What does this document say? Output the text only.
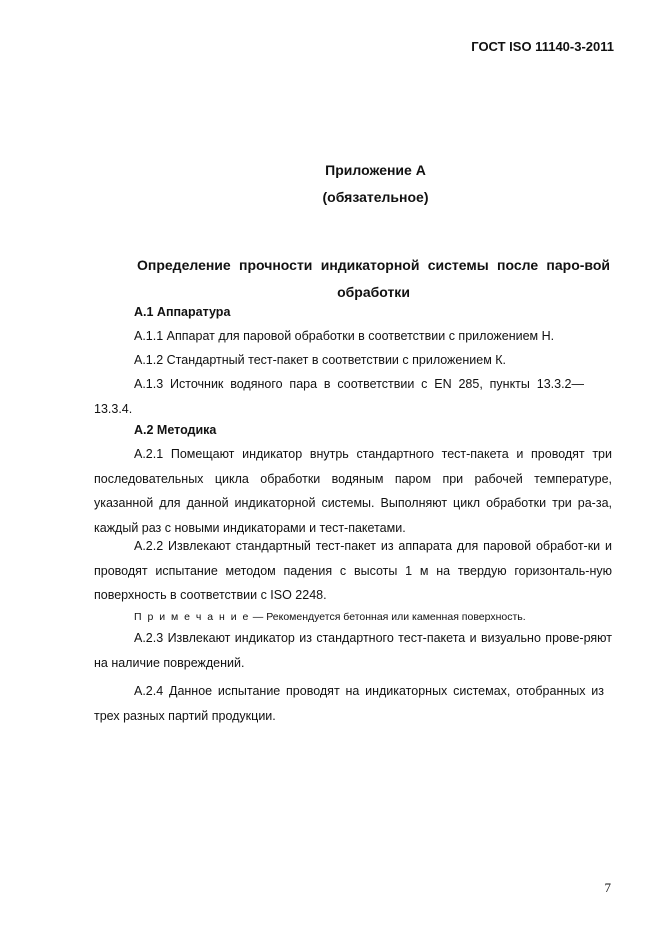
ГОСТ ISO 11140-3-2011
Приложение А
(обязательное)
Определение прочности индикаторной системы после паро-вой обработки
А.1 Аппаратура
А.1.1 Аппарат для паровой обработки в соответствии с приложением Н.
А.1.2 Стандартный тест-пакет в соответствии с приложением К.
А.1.3 Источник водяного пара в соответствии с EN 285, пункты 13.3.2— 13.3.4.
А.2 Методика
А.2.1 Помещают индикатор внутрь стандартного тест-пакета и проводят три последовательных цикла обработки водяным паром при рабочей температуре, указанной для данной индикаторной системы. Выполняют цикл обработки три ра-за, каждый раз с новыми индикаторами и тест-пакетами.
А.2.2 Извлекают стандартный тест-пакет из аппарата для паровой обработ-ки и проводят испытание методом падения с высоты 1 м на твердую горизонталь-ную поверхность в соответствии с ISO 2248.
П р и м е ч а н и е — Рекомендуется бетонная или каменная поверхность.
А.2.3 Извлекают индикатор из стандартного тест-пакета и визуально прове-ряют на наличие повреждений.
А.2.4 Данное испытание проводят на индикаторных системах, отобранных из трех разных партий продукции.
7
